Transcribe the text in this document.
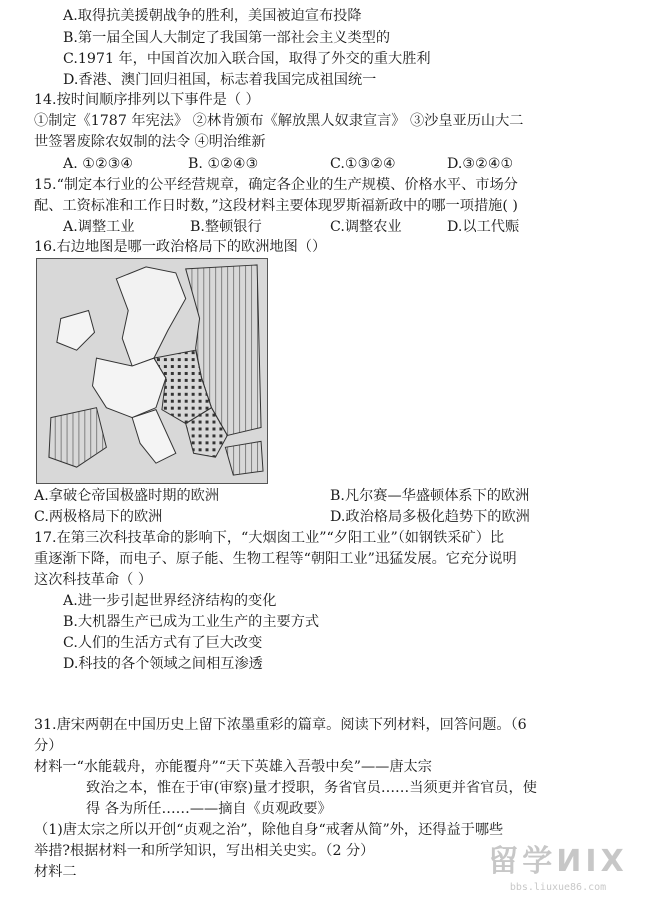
A.取得抗美援朝战争的胜利，美国被迫宣布投降
B.第一届全国人大制定了我国第一部社会主义类型的
C.1971 年，中国首次加入联合国，取得了外交的重大胜利
D.香港、澳门回归祖国，标志着我国完成祖国统一
14.按时间顺序排列以下事件是（ ）
①制定《1787 年宪法》 ②林肯颁布《解放黑人奴隶宣言》 ③沙皇亚历山大二
世签署废除农奴制的法令 ④明治维新
A. ①②③④	B. ①②④③	C.①③②④	D.③②④①
15.“制定本行业的公平经营规章，确定各企业的生产规模、价格水平、市场分
配、工资标准和工作日时数，”这段材料主要体现罗斯福新政中的哪一项措施( )
A.调整工业	B.整顿银行	C.调整农业	D.以工代赈
16.右边地图是哪一政治格局下的欧洲地图（）
A.拿破仑帝国极盛时期的欧洲	B.凡尔赛—华盛顿体系下的欧洲
C.两极格局下的欧洲	D.政治格局多极化趋势下的欧洲
17.在第三次科技革命的影响下，“大烟囱工业”“夕阳工业”（如钢铁采矿）比
重逐渐下降，而电子、原子能、生物工程等“朝阳工业”迅猛发展。它充分说明
这次科技革命（ ）
A.进一步引起世界经济结构的变化
B.大机器生产已成为工业生产的主要方式
C.人们的生活方式有了巨大改变
D.科技的各个领域之间相互渗透
31.唐宋两朝在中国历史上留下浓墨重彩的篇章。阅读下列材料，回答问题。（6
分）
材料一“水能载舟，亦能覆舟”“天下英雄入吾彀中矣”——唐太宗
致治之本，惟在于审(审察)量才授职，务省官员……当须更并省官员，使
得 各为所任……——摘自《贞观政要》
（1)唐太宗之所以开创“贞观之治”，除他自身“戒奢从简”外，还得益于哪些
举措?根据材料一和所学知识，写出相关史实。（2 分）
材料二	留学ИIX
bbs.liuxue86.com
